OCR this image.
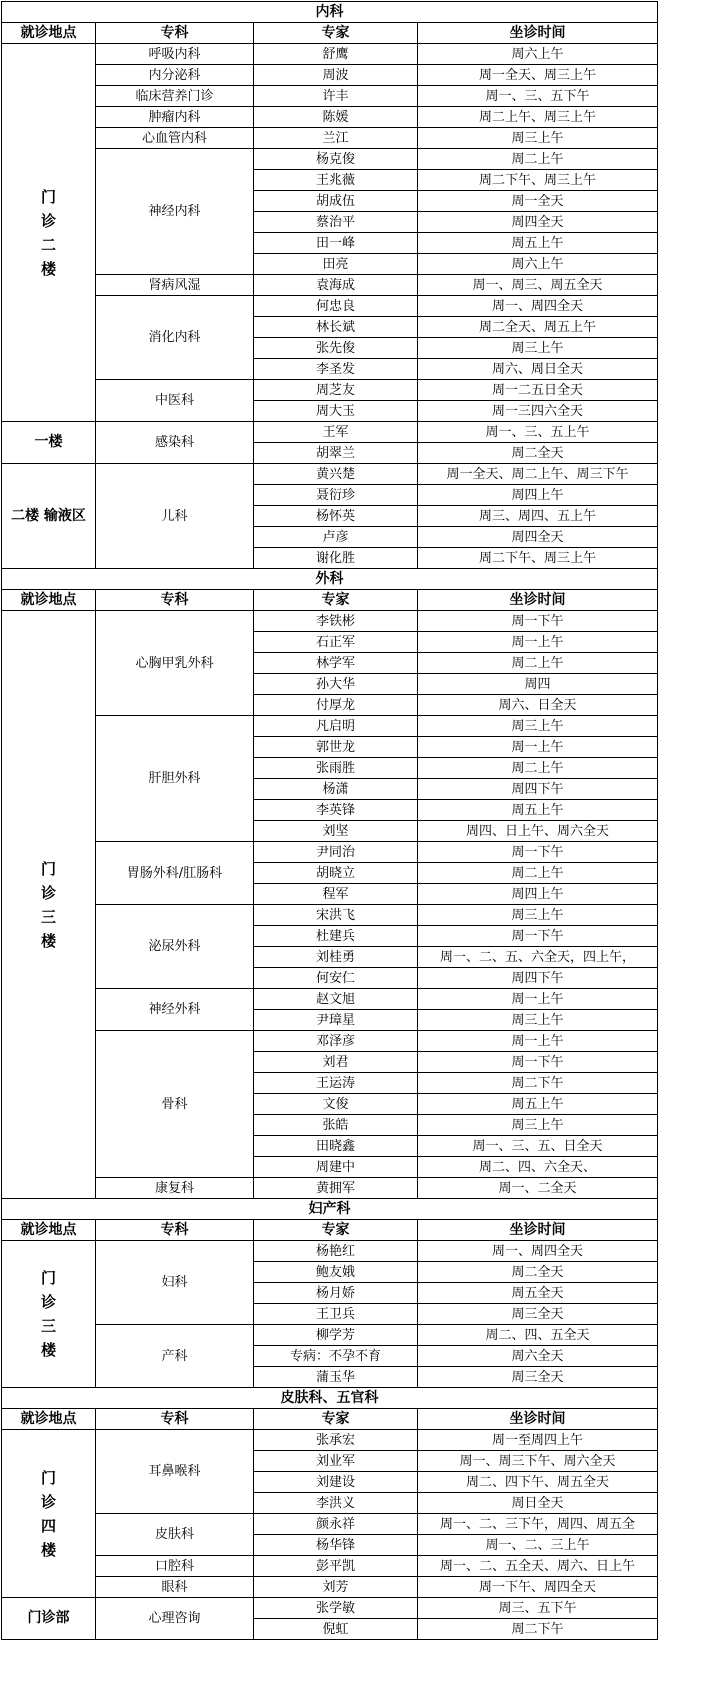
内科			
就诊地点	专科	专家	坐诊时间
门
诊
二
楼	呼吸内科	舒鹰	周六上午
	内分泌科	周波	周一全天、周三上午
	临床营养门诊	许丰	周一、三、五下午
	肿瘤内科	陈媛	周二上午、周三上午
	心血管内科	兰江	周三上午
	神经内科	杨克俊	周二上午
		王兆薇	周二下午、周三上午
		胡成伍	周一全天
		蔡治平	周四全天
		田一峰	周五上午
		田亮	周六上午
	肾病风湿	袁海成	周一、周三、周五全天
	消化内科	何忠良	周一、周四全天
		林长斌	周二全天、周五上午
		张先俊	周三上午
		李圣发	周六、周日全天
	中医科	周芝友	周一二五日全天
		周大玉	周一三四六全天
一楼	感染科	王军	周一、三、五上午
		胡翠兰	周二全天
二楼 输液区	儿科	黄兴楚	周一全天、周二上午、周三下午
		聂衍珍	周四上午
		杨怀英	周三、周四、五上午
		卢彦	周四全天
		谢化胜	周二下午、周三上午
外科			
就诊地点	专科	专家	坐诊时间
门
诊
三
楼	心胸甲乳外科	李铁彬	周一下午
		石正军	周一上午
		林学军	周二上午
		孙大华	周四
		付厚龙	周六、日全天
	肝胆外科	凡启明	周三上午
		郭世龙	周一上午
		张雨胜	周二上午
		杨潇	周四下午
		李英锋	周五上午
		刘坚	周四、日上午、周六全天
	胃肠外科/肛肠科	尹同治	周一下午
		胡晓立	周二上午
		程军	周四上午
	泌尿外科	宋洪飞	周三上午
		杜建兵	周一下午
		刘桂勇	周一、二、五、六全天，四上午，
		何安仁	周四下午
	神经外科	赵文旭	周一上午

		尹璋星	周三上午
	骨科	邓泽彦	周一上午
		刘君	周一下午
		王运涛	周二下午
		文俊	周五上午
		张皓	周三上午
		田晓鑫	周一、三、五、日全天
		周建中	周二、四、六全天、
	康复科	黄拥军	周一、二全天
妇产科			
就诊地点	专科	专家	坐诊时间
门
诊
三
楼	妇科	杨艳红	周一、周四全天
		鲍友娥	周二全天
		杨月娇	周五全天
		王卫兵	周三全天
	产科	柳学芳	周二、四、五全天
		专病：不孕不育	周六全天
		蒲玉华	周三全天
皮肤科、五官科			
就诊地点	专科	专家	坐诊时间
门
诊
四
楼	耳鼻喉科	张承宏	周一至周四上午
		刘业军	周一、周三下午、周六全天
		刘建设	周二、四下午、周五全天
		李洪义	周日全天
	皮肤科	颜永祥	周一、二、三下午，周四、周五全
		杨华锋	周一、二、三上午
	口腔科	彭平凯	周一、二、五全天、周六、日上午
	眼科	刘芳	周一下午、周四全天
门诊部	心理咨询	张学敏	周三、五下午
		倪虹	周二下午
